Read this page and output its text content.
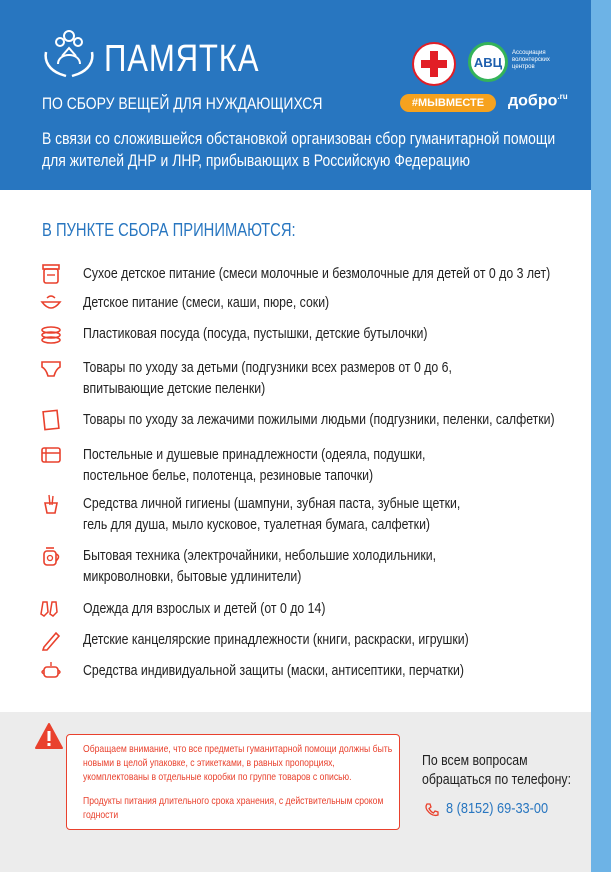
ПАМЯТКА
ПО СБОРУ ВЕЩЕЙ ДЛЯ НУЖДАЮЩИХСЯ
В связи со сложившейся обстановкой организован сбор гуманитарной помощи для жителей ДНР и ЛНР, прибывающих в Российскую Федерацию
АВЦ
Ассоциация волонтерских центров
#МЫВМЕСТЕ	добро$^{.ru}$
В ПУНКТЕ СБОРА ПРИНИМАЮТСЯ:
Сухое детское питание (смеси молочные и безмолочные для детей от 0 до 3 лет)
Детское питание (смеси, каши, пюре, соки)
Пластиковая посуда (посуда, пустышки, детские бутылочки)
Товары по уходу за детьми (подгузники всех размеров от 0 до 6,
впитывающие детские пеленки)
Товары по уходу за лежачими пожилыми людьми (подгузники, пеленки, салфетки)
Постельные и душевые принадлежности (одеяла, подушки,
постельное белье, полотенца, резиновые тапочки)
Средства личной гигиены (шампуни, зубная паста, зубные щетки,
гель для душа, мыло кусковое, туалетная бумага, салфетки)
Бытовая техника (электрочайники, небольшие холодильники,
микроволновки, бытовые удлинители)
Одежда для взрослых и детей (от 0 до 14)
Детские канцелярские принадлежности (книги, раскраски, игрушки)
Средства индивидуальной защиты (маски, антисептики, перчатки)
Обращаем внимание, что все предметы гуманитарной помощи должны быть новыми в целой упаковке, с этикетками, в равных пропорциях, укомплектованы в отдельные коробки по группе товаров с описью.
Продукты питания длительного срока хранения, с действительным сроком годности
По всем вопросам
обращаться по телефону:
8 (8152) 69-33-00
